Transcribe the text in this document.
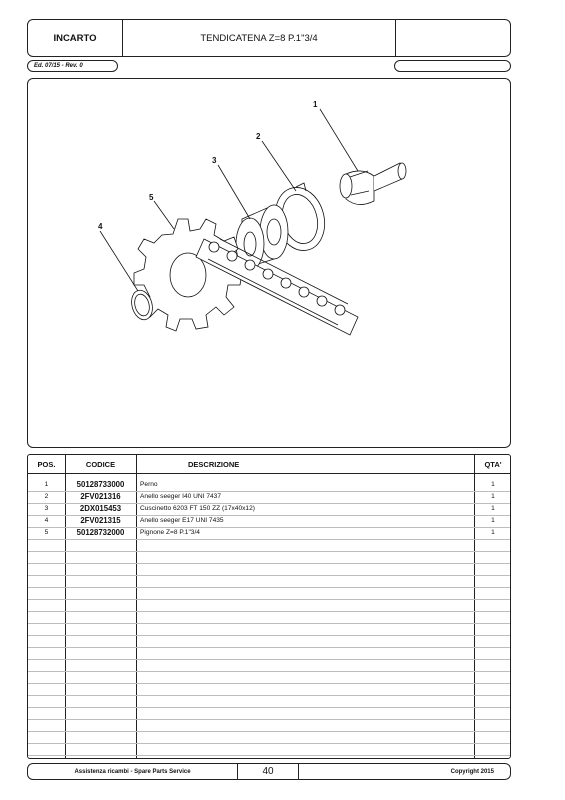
INCARTO	TENDICATENA Z=8 P.1"3/4
Ed. 07/15 - Rev. 0
1
2
3
4
5
POS.	CODICE	DESCRIZIONE	QTA'
1	50128733000	Perno	1
2	2FV021316	Anello seeger I40 UNI 7437	1
3	2DX015453	Cuscinetto 6203 FT 150 ZZ (17x40x12)	1
4	2FV021315	Anello seeger E17 UNI 7435	1
5	50128732000	Pignone Z=8 P.1"3/4	1
Assistenza ricambi - Spare Parts Service	40	Copyright 2015
